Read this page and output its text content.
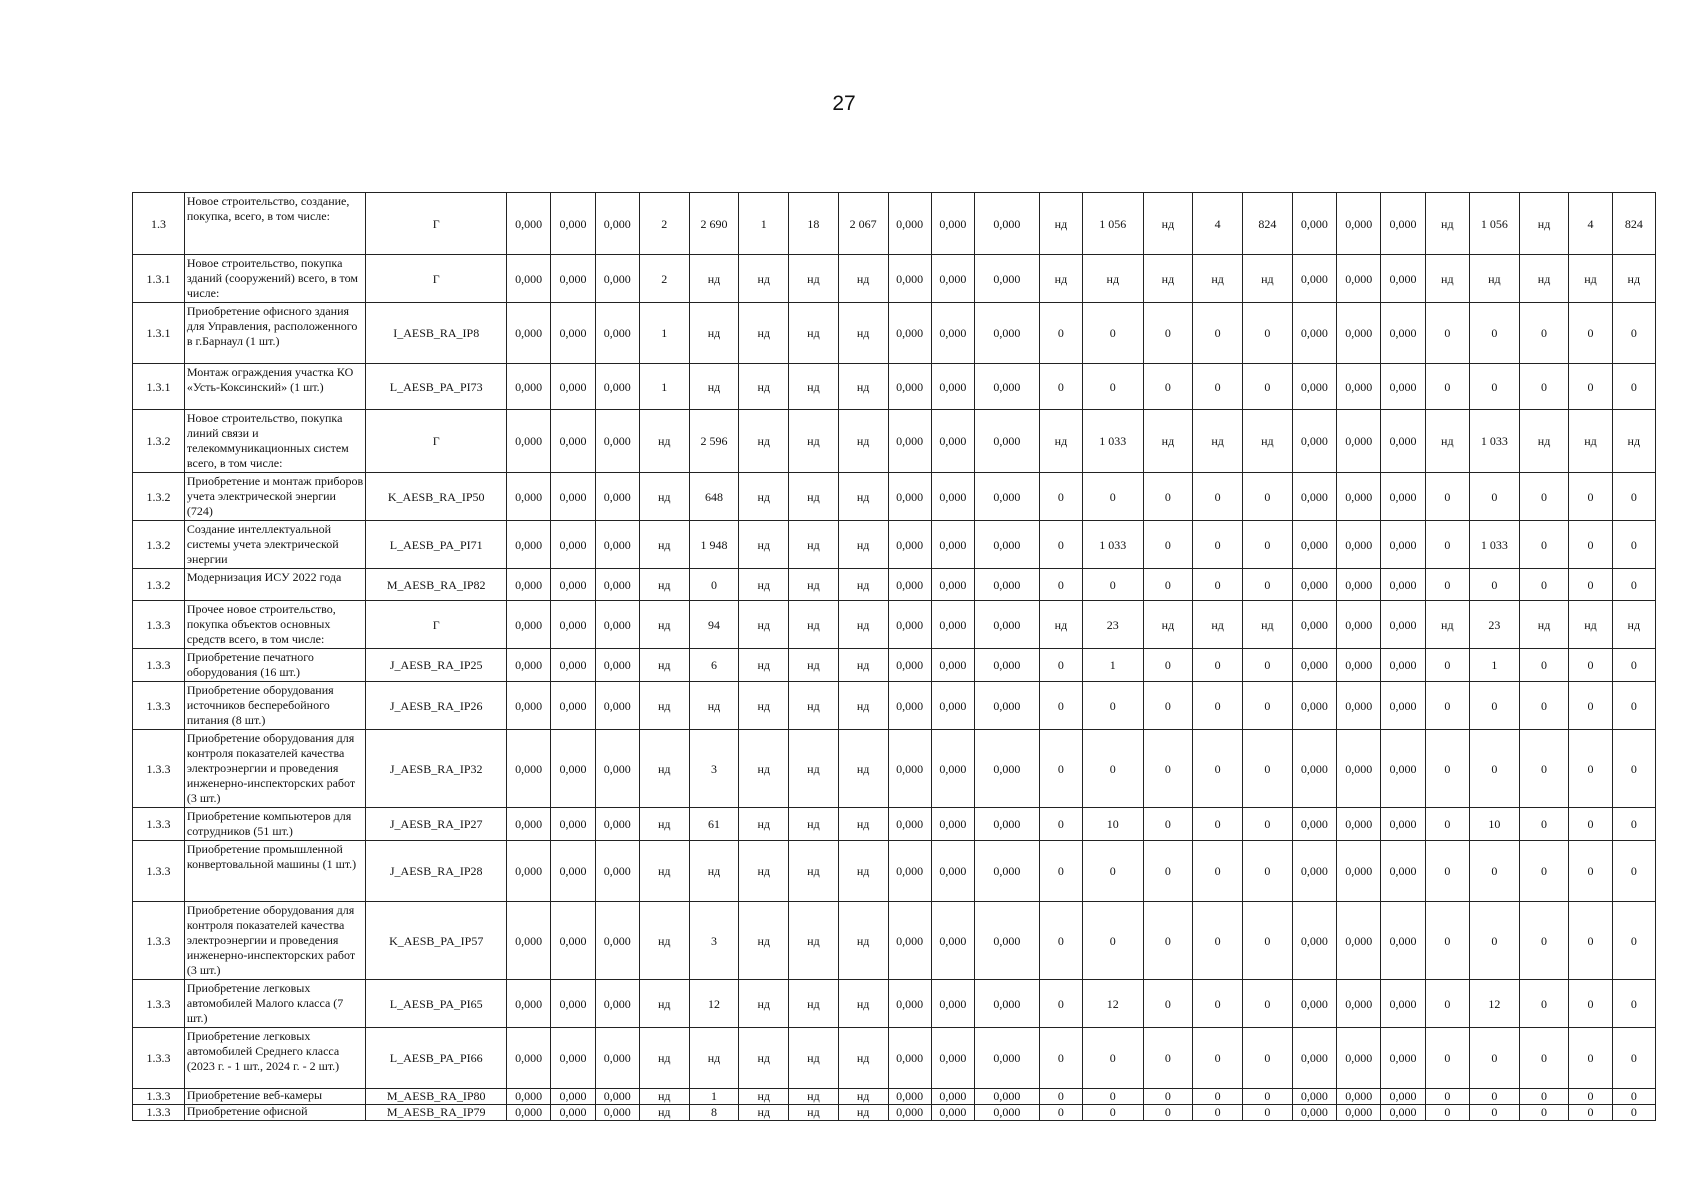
27
1.3	Новое строительство, создание, покупка, всего, в том числе:	Г	0,000	0,000	0,000	2	2 690	1	18	2 067	0,000	0,000	0,000	нд	1 056	нд	4	824	0,000	0,000	0,000	нд	1 056	нд	4	824
1.3.1	Новое строительство, покупка зданий (сооружений) всего, в том числе:	Г	0,000	0,000	0,000	2	нд	нд	нд	нд	0,000	0,000	0,000	нд	нд	нд	нд	нд	0,000	0,000	0,000	нд	нд	нд	нд	нд
1.3.1	Приобретение офисного здания для Управления, расположенного в г.Барнаул (1 шт.)	I_AESB_RA_IP8	0,000	0,000	0,000	1	нд	нд	нд	нд	0,000	0,000	0,000	0	0	0	0	0	0,000	0,000	0,000	0	0	0	0	0
1.3.1	Монтаж ограждения участка КО «Усть-Коксинский» (1 шт.)	L_AESB_PA_PI73	0,000	0,000	0,000	1	нд	нд	нд	нд	0,000	0,000	0,000	0	0	0	0	0	0,000	0,000	0,000	0	0	0	0	0
1.3.2	Новое строительство, покупка линий связи и телекоммуникационных систем всего, в том числе:	Г	0,000	0,000	0,000	нд	2 596	нд	нд	нд	0,000	0,000	0,000	нд	1 033	нд	нд	нд	0,000	0,000	0,000	нд	1 033	нд	нд	нд
1.3.2	Приобретение и монтаж приборов учета электрической энергии (724)	K_AESB_RA_IP50	0,000	0,000	0,000	нд	648	нд	нд	нд	0,000	0,000	0,000	0	0	0	0	0	0,000	0,000	0,000	0	0	0	0	0
1.3.2	Создание интеллектуальной системы учета электрической энергии	L_AESB_PA_PI71	0,000	0,000	0,000	нд	1 948	нд	нд	нд	0,000	0,000	0,000	0	1 033	0	0	0	0,000	0,000	0,000	0	1 033	0	0	0
1.3.2	Модернизация ИСУ 2022 года	M_AESB_RA_IP82	0,000	0,000	0,000	нд	0	нд	нд	нд	0,000	0,000	0,000	0	0	0	0	0	0,000	0,000	0,000	0	0	0	0	0
1.3.3	Прочее новое строительство, покупка объектов основных средств всего, в том числе:	Г	0,000	0,000	0,000	нд	94	нд	нд	нд	0,000	0,000	0,000	нд	23	нд	нд	нд	0,000	0,000	0,000	нд	23	нд	нд	нд
1.3.3	Приобретение печатного оборудования (16 шт.)	J_AESB_RA_IP25	0,000	0,000	0,000	нд	6	нд	нд	нд	0,000	0,000	0,000	0	1	0	0	0	0,000	0,000	0,000	0	1	0	0	0
1.3.3	Приобретение оборудования источников бесперебойного питания (8 шт.)	J_AESB_RA_IP26	0,000	0,000	0,000	нд	нд	нд	нд	нд	0,000	0,000	0,000	0	0	0	0	0	0,000	0,000	0,000	0	0	0	0	0
1.3.3	Приобретение оборудования для контроля показателей качества электроэнергии и проведения инженерно-инспекторских работ (3 шт.)	J_AESB_RA_IP32	0,000	0,000	0,000	нд	3	нд	нд	нд	0,000	0,000	0,000	0	0	0	0	0	0,000	0,000	0,000	0	0	0	0	0
1.3.3	Приобретение компьютеров для сотрудников (51 шт.)	J_AESB_RA_IP27	0,000	0,000	0,000	нд	61	нд	нд	нд	0,000	0,000	0,000	0	10	0	0	0	0,000	0,000	0,000	0	10	0	0	0
1.3.3	Приобретение промышленной конвертовальной машины (1 шт.)	J_AESB_RA_IP28	0,000	0,000	0,000	нд	нд	нд	нд	нд	0,000	0,000	0,000	0	0	0	0	0	0,000	0,000	0,000	0	0	0	0	0
1.3.3	Приобретение оборудования для контроля показателей качества электроэнергии и проведения инженерно-инспекторских работ (3 шт.)	K_AESB_PA_IP57	0,000	0,000	0,000	нд	3	нд	нд	нд	0,000	0,000	0,000	0	0	0	0	0	0,000	0,000	0,000	0	0	0	0	0
1.3.3	Приобретение легковых автомобилей Малого класса (7 шт.)	L_AESB_PA_PI65	0,000	0,000	0,000	нд	12	нд	нд	нд	0,000	0,000	0,000	0	12	0	0	0	0,000	0,000	0,000	0	12	0	0	0
1.3.3	Приобретение легковых автомобилей Среднего класса (2023 г. - 1 шт., 2024 г. - 2 шт.)	L_AESB_PA_PI66	0,000	0,000	0,000	нд	нд	нд	нд	нд	0,000	0,000	0,000	0	0	0	0	0	0,000	0,000	0,000	0	0	0	0	0
1.3.3	Приобретение веб-камеры	M_AESB_RA_IP80	0,000	0,000	0,000	нд	1	нд	нд	нд	0,000	0,000	0,000	0	0	0	0	0	0,000	0,000	0,000	0	0	0	0	0
1.3.3	Приобретение офисной	M_AESB_RA_IP79	0,000	0,000	0,000	нд	8	нд	нд	нд	0,000	0,000	0,000	0	0	0	0	0	0,000	0,000	0,000	0	0	0	0	0
